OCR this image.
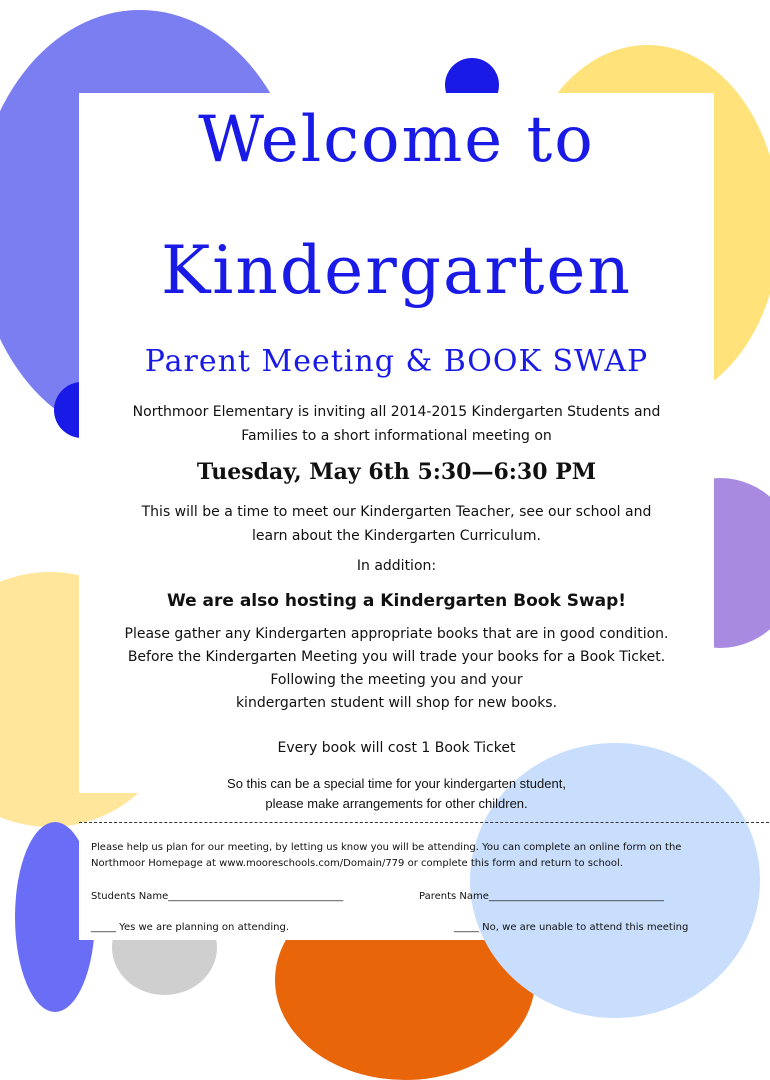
Welcome to
Kindergarten
Parent Meeting & BOOK SWAP

Northmoor Elementary is inviting all 2014-2015 Kindergarten Students and

Families to a short informational meeting on

Tuesday, May 6th 5:30—6:30 PM

This will be a time to meet our Kindergarten Teacher, see our school and

learn about the Kindergarten Curriculum.

In addition:

We are also hosting a Kindergarten Book Swap!

Please gather any Kindergarten appropriate books that are in good condition.

Before the Kindergarten Meeting you will trade your books for a Book Ticket.

Following the meeting you and your

kindergarten student will shop for new books.

Every book will cost 1 Book Ticket

So this can be a special time for your kindergarten student,

please make arrangements for other children.

Please help us plan for our meeting, by letting us know you will be attending. You can complete an online form on the

Northmoor Homepage at www.mooreschools.com/Domain/779 or complete this form and return to school.

Students Name___________________________________	Parents Name___________________________________

_____ Yes we are planning on attending.	_____ No, we are unable to attend this meeting
